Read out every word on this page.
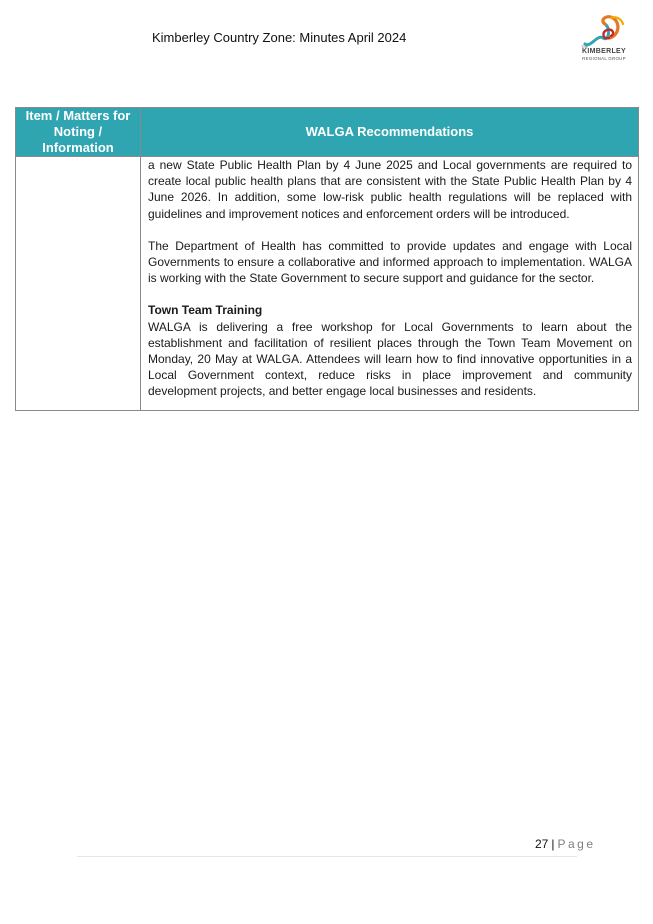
Kimberley Country Zone: Minutes April 2024
The
KIMBERLEY
REGIONAL GROUP
Item / Matters for Noting / Information	WALGA Recommendations

	a new State Public Health Plan by 4 June 2025 and Local governments are required to create local public health plans that are consistent with the State Public Health Plan by 4 June 2026. In addition, some low-risk public health regulations will be replaced with guidelines and improvement notices and enforcement orders will be introduced.

The Department of Health has committed to provide updates and engage with Local Governments to ensure a collaborative and informed approach to implementation. WALGA is working with the State Government to secure support and guidance for the sector.

Town Team Training
WALGA is delivering a free workshop for Local Governments to learn about the establishment and facilitation of resilient places through the Town Team Movement on Monday, 20 May at WALGA. Attendees will learn how to find innovative opportunities in a Local Government context, reduce risks in place improvement and community development projects, and better engage local businesses and residents.

27 | Page
